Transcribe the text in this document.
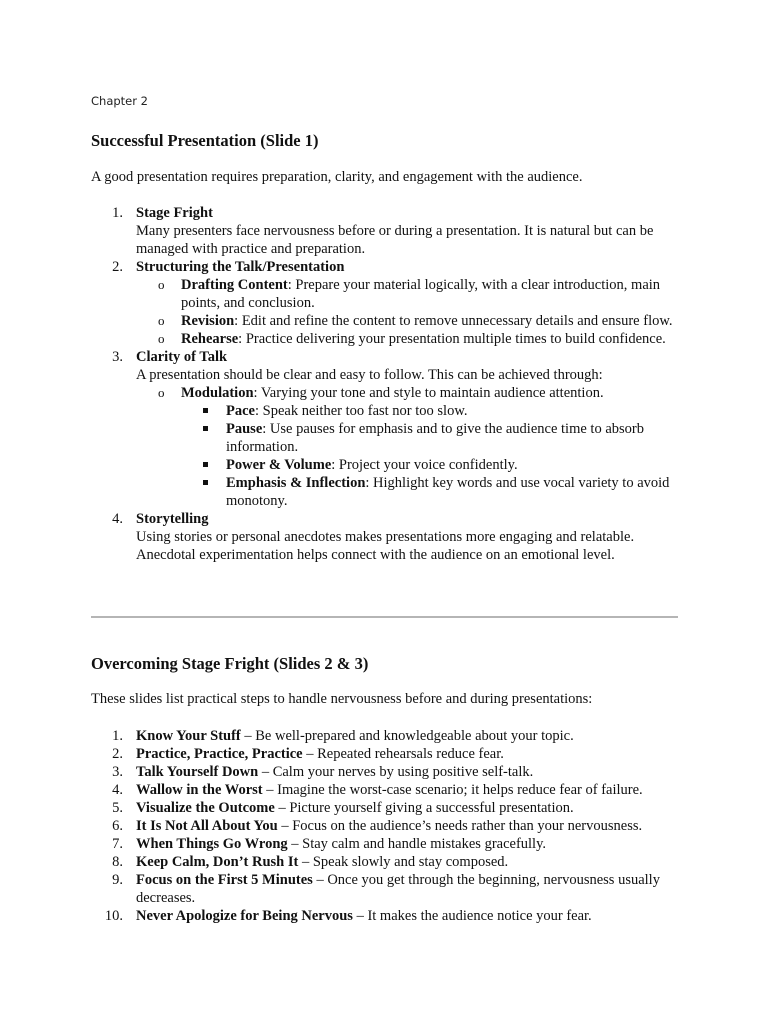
Chapter 2
Successful Presentation (Slide 1)

A good presentation requires preparation, clarity, and engagement with the audience.

1. Stage Fright
Many presenters face nervousness before or during a presentation. It is natural but can be managed with practice and preparation.
2. Structuring the Talk/Presentation
o Drafting Content: Prepare your material logically, with a clear introduction, main points, and conclusion.
o Revision: Edit and refine the content to remove unnecessary details and ensure flow.
o Rehearse: Practice delivering your presentation multiple times to build confidence.
3. Clarity of Talk
A presentation should be clear and easy to follow. This can be achieved through:
o Modulation: Varying your tone and style to maintain audience attention.
Pace: Speak neither too fast nor too slow.
Pause: Use pauses for emphasis and to give the audience time to absorb information.
Power & Volume: Project your voice confidently.
Emphasis & Inflection: Highlight key words and use vocal variety to avoid monotony.
4. Storytelling
Using stories or personal anecdotes makes presentations more engaging and relatable. Anecdotal experimentation helps connect with the audience on an emotional level.
Overcoming Stage Fright (Slides 2 & 3)

These slides list practical steps to handle nervousness before and during presentations:

1. Know Your Stuff – Be well-prepared and knowledgeable about your topic.
2. Practice, Practice, Practice – Repeated rehearsals reduce fear.
3. Talk Yourself Down – Calm your nerves by using positive self-talk.
4. Wallow in the Worst – Imagine the worst-case scenario; it helps reduce fear of failure.
5. Visualize the Outcome – Picture yourself giving a successful presentation.
6. It Is Not All About You – Focus on the audience’s needs rather than your nervousness.
7. When Things Go Wrong – Stay calm and handle mistakes gracefully.
8. Keep Calm, Don’t Rush It – Speak slowly and stay composed.
9. Focus on the First 5 Minutes – Once you get through the beginning, nervousness usually decreases.
10. Never Apologize for Being Nervous – It makes the audience notice your fear.
